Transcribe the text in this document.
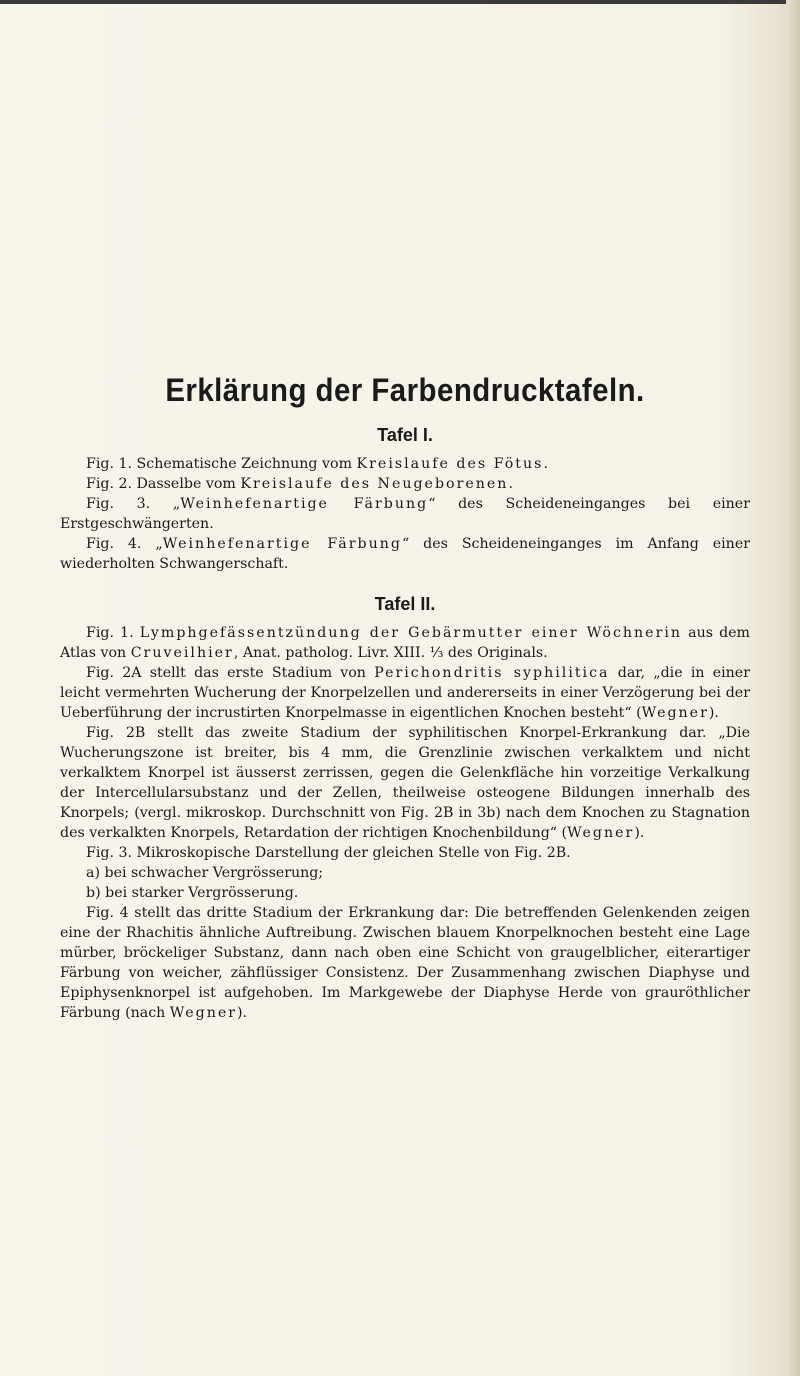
Erklärung der Farbendrucktafeln.
Tafel I.

Fig. 1. Schematische Zeichnung vom Kreislaufe des Fötus.

Fig. 2. Dasselbe vom Kreislaufe des Neugeborenen.

Fig. 3. „Weinhefenartige Färbung“ des Scheideneinganges bei einer Erstgeschwängerten.

Fig. 4. „Weinhefenartige Färbung“ des Scheideneinganges im Anfang einer wiederholten Schwangerschaft.

Tafel II.

Fig. 1. Lymphgefässentzündung der Gebärmutter einer Wöchnerin aus dem Atlas von Cruveilhier, Anat. patholog. Livr. XIII. ⅓ des Originals.

Fig. 2A stellt das erste Stadium von Perichondritis syphilitica dar, „die in einer leicht vermehrten Wucherung der Knorpelzellen und andererseits in einer Verzögerung bei der Ueberführung der incrustirten Knorpelmasse in eigentlichen Knochen besteht“ (Wegner).

Fig. 2B stellt das zweite Stadium der syphilitischen Knorpel-Erkrankung dar. „Die Wucherungszone ist breiter, bis 4 mm, die Grenzlinie zwischen verkalktem und nicht verkalktem Knorpel ist äusserst zerrissen, gegen die Gelenkfläche hin vorzeitige Verkalkung der Intercellularsubstanz und der Zellen, theilweise osteogene Bildungen innerhalb des Knorpels; (vergl. mikroskop. Durchschnitt von Fig. 2B in 3b) nach dem Knochen zu Stagnation des verkalkten Knorpels, Retardation der richtigen Knochenbildung“ (Wegner).

Fig. 3. Mikroskopische Darstellung der gleichen Stelle von Fig. 2B.

a) bei schwacher Vergrösserung;

b) bei starker Vergrösserung.

Fig. 4 stellt das dritte Stadium der Erkrankung dar: Die betreffenden Gelenkenden zeigen eine der Rhachitis ähnliche Auftreibung. Zwischen blauem Knorpelknochen besteht eine Lage mürber, bröckeliger Substanz, dann nach oben eine Schicht von graugelblicher, eiterartiger Färbung von weicher, zähflüssiger Consistenz. Der Zusammenhang zwischen Diaphyse und Epiphysenknorpel ist aufgehoben. Im Markgewebe der Diaphyse Herde von grauröthlicher Färbung (nach Wegner).
